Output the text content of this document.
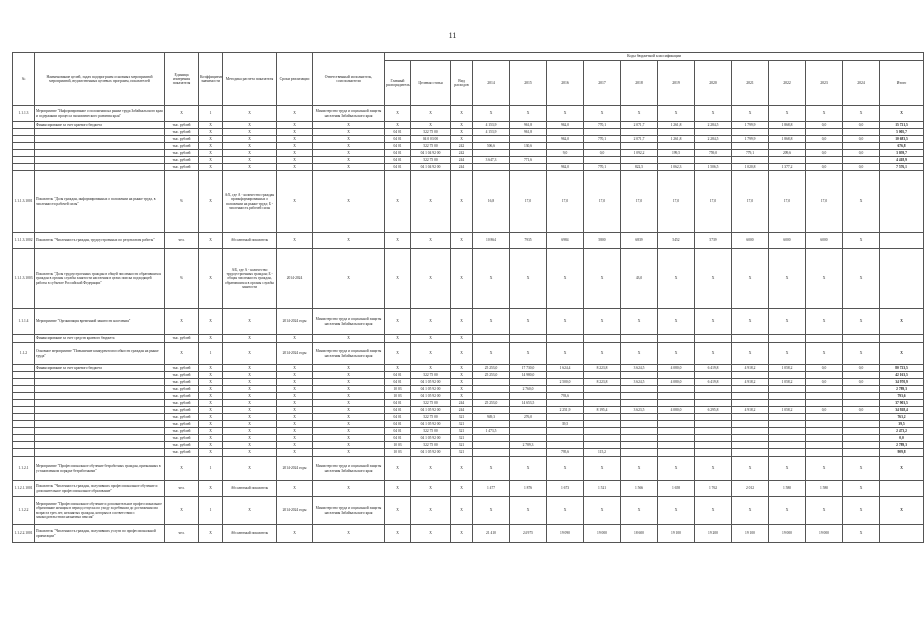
11
№	Наименование целей, задач подпрограмм основных мероприятий мероприятий, ведомственных целевых программ, показателей	Единица измерения показателя	Коэффициент значимости	Методика расчета показателя	Сроки реализации	Ответственный исполнитель, соисполнители	Коды бюджетной классификации														
							Главный распорядитель	Целевая статья	Вид расходов	2014	2015	2016	2017	2018	2019	2020	2021	2022	2023	2024	Итого
1.1.1.3	Мероприятие "Информирование о положении на рынке труда Забайкальского края и содержании процесса экономического развития края"	Х	1	Х	Х	Министерство труда и социальной защиты населения Забайкальского края	Х	Х	Х	Х	Х	Х	Х	Х	Х	Х	Х	Х	Х	Х	Х
	Финансирование за счет краевого бюджета	тыс. рублей	Х	Х	Х	Х	Х	Х	Х	4 153,9	961,8	962,0	770,1	2 071,7	1 261,8	2 284,5	1 799,9	1 868,8	0,0	0,0	15 721,5
		тыс. рублей	Х	Х	Х	Х	04 01	522 75 00	Х	4 153,9	961,8										5 005,7
		тыс. рублей	Х	Х	Х	Х	04 01	04 0 03 00	Х			962,0	770,1	2 071,7	1 261,8	2 284,5	1 799,9	1 868,8	0,0	0,0	10 683,5
		тыс. рублей	Х	Х	Х	Х	04 01	522 75 00	242	506,6	130,6										676,8
		тыс. рублей	Х	Х	Х	Х	04 01	04 1 04 92 00	242			9,0	0,0	1 092,2	199,5	759,0	779,1	209,6	0,0	0,0	3 059,7
		тыс. рублей	Х	Х	Х	Х	04 01	522 75 00	244	3 647,3	771,6										4 418,9
		тыс. рублей	Х	Х	Х	Х	04 01	04 1 04 92 00	244			962,0	770,1	822,5	1 062,3	1 506,5	1 020,8	1 377,2	0,0	0,0	7 576,1
1.1.1.3.1001	Показатель "Доля граждан, информированных о положении на рынке труда, в численности рабочей силы"	%	Х	А/Б, где А - количество граждан проинформированных о положении на рынке труда; Б - численность рабочей силы	Х	Х	Х	Х	Х	16,8	17,0	17,0	17,0	17,0	17,0	17,0	17,0	17,0	17,0	Х	
1.1.1.3.1002	Показатель "Численность граждан, трудоустроенных по результатам работы"	чел.	Х	Абсолютный показатель	Х	Х	Х	Х	Х	10 864	7935	6984	5800	6839	5452	5739	6000	6000	6000	Х	
1.1.1.3.1003	Показатель "Доля трудоустроенных граждан в общей численности обратившихся граждан в органы службы занятости населения в целях поиска подходящей работы в субъекте Российской Федерации"	%	Х	А/Б, где А - количество трудоустроенных граждан; Б - общая численность граждан, обратившихся в органы службы занятости	2014-2024	Х	Х	Х	Х	Х	Х	Х	Х	43,0	Х	Х	Х	Х	Х	Х	
1.1.1.4	Мероприятие "Организация временной занятости населения"	Х	Х	Х	2014-2024 годы	Министерство труда и социальной защиты населения Забайкальского края	Х	Х	Х	Х	Х	Х	Х	Х	Х	Х	Х	Х	Х	Х	Х
	Финансирование за счет средств краевого бюджета	тыс. рублей	Х	Х	Х	Х	Х	Х	Х												
1.1.2	Основное мероприятие "Повышение конкурентоспособности граждан на рынке труда"	Х	1	Х	2014-2024 годы	Министерство труда и социальной защиты населения Забайкальского края	Х	Х	Х	Х	Х	Х	Х	Х	Х	Х	Х	Х	Х	Х	Х
	Финансирование за счет краевого бюджета	тыс. рублей	Х	Х	Х	Х	Х	Х	Х	25 253,0	17 730,0	1 624,4	8 223,8	3 624,5	4 080,0	6 419,8	4 918,2	1 058,2	0,0	0,0	80 723,5
		тыс. рублей	Х	Х	Х	Х	04 01	522 75 00	Х	25 253,0	14 980,0										42 163,5
		тыс. рублей	Х	Х	Х	Х	04 01	04 1 05 92 00	Х			2 500,0	8 223,8	3 624,5	4 080,0	6 419,8	4 918,2	1 058,2	0,0	0,0	34 970,9
		тыс. рублей	Х	Х	Х	Х	10 03	04 1 05 92 00	Х		2 760,0										2 789,3
		тыс. рублей	Х	Х	Х	Х	10 03	04 1 05 92 00	Х			793,6									793,6
		тыс. рублей	Х	Х	Х	Х	04 01	522 75 00	244	25 253,0	14 653,5										37 903,5
		тыс. рублей	Х	Х	Х	Х	04 01	04 1 05 92 00	244			2 251,9	8 195,4	3 623,5	4 080,0	6 295,8	4 918,2	1 058,2	0,0	0,0	34 928,4
		тыс. рублей	Х	Х	Х	Х	04 01	522 75 00	321	949,3	276,0										763,2
		тыс. рублей	Х	Х	Х	Х	04 01	04 1 05 92 00	321			39,5									39,5
		тыс. рублей	Х	Х	Х	Х	04 01	522 75 00	321	1 473,5											2 473,2
		тыс. рублей	Х	Х	Х	Х	04 01	04 1 05 92 00	321												0,0
		тыс. рублей	Х	Х	Х	Х	10 03	522 75 00	321		2 789,3										2 789,3
		тыс. рублей	Х	Х	Х	Х	10 03	04 1 05 92 00	321			795,6	115,2								909,8
1.1.2.1	Мероприятие "Профессиональное обучение безработных граждан, признанных в установленном порядке безработными"	Х	1	Х	2014-2024 годы	Министерство труда и социальной защиты населения Забайкальского края	Х	Х	Х	Х	Х	Х	Х	Х	Х	Х	Х	Х	Х	Х	Х
1.1.2.1.1001	Показатель "Численность граждан, получивших профессиональное обучение и дополнительное профессиональное образование"	чел.	Х	Абсолютный показатель	Х	Х	Х	Х	Х	1 477	1 876	1 673	1 521	1 566	1 658	1 762	2 012	1 580	1 580	Х	
1.1.2.2	Мероприятие "Профессиональное обучение и дополнительное профессиональное образование женщин в период отпуска по уходу за ребенком до достижения им возраста трех лет, незанятых граждан, которым в соответствии с законодательством назначена пенсия"	Х	1	Х	2014-2024 годы	Министерство труда и социальной защиты населения Забайкальского края	Х	Х	Х	Х	Х	Х	Х	Х	Х	Х	Х	Х	Х	Х	Х
1.1.2.2.1001	Показатель "Численность граждан, получивших услуги по профессиональной ориентации"	чел.	Х	Абсолютный показатель	Х	Х	Х	Х	Х	21 410	24 975	19 090	19 000	18 600	19 100	19 200	19 100	19 000	19 000	Х	
